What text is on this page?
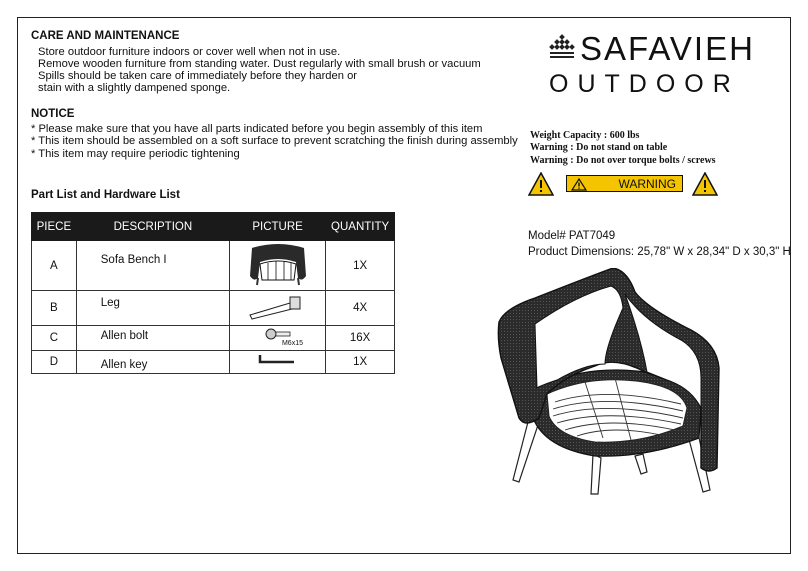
CARE AND MAINTENANCE
Store outdoor furniture indoors or cover well when not in use.
Remove wooden furniture from standing water. Dust regularly with small brush or vacuum
Spills should be taken care of immediately before they harden or
stain with a slightly dampened sponge.
NOTICE
* Please make sure that you have all parts indicated before you begin assembly of this item
* This item should be assembled on a soft surface to prevent scratching the finish during assembly
* This item may require periodic tightening
Part List and Hardware List
PIECE	DESCRIPTION	PICTURE	QUANTITY
A	Sofa Bench I		1X
B	Leg		4X
C	Allen bolt	M6x15	16X
D	Allen key		1X
SAFAVIEH
OUTDOOR
Weight Capacity : 600 lbs
Warning : Do not stand on table
Warning : Do not over torque bolts / screws
WARNING
Model# PAT7049
Product Dimensions: 25,78" W x 28,34" D x 30,3" H
